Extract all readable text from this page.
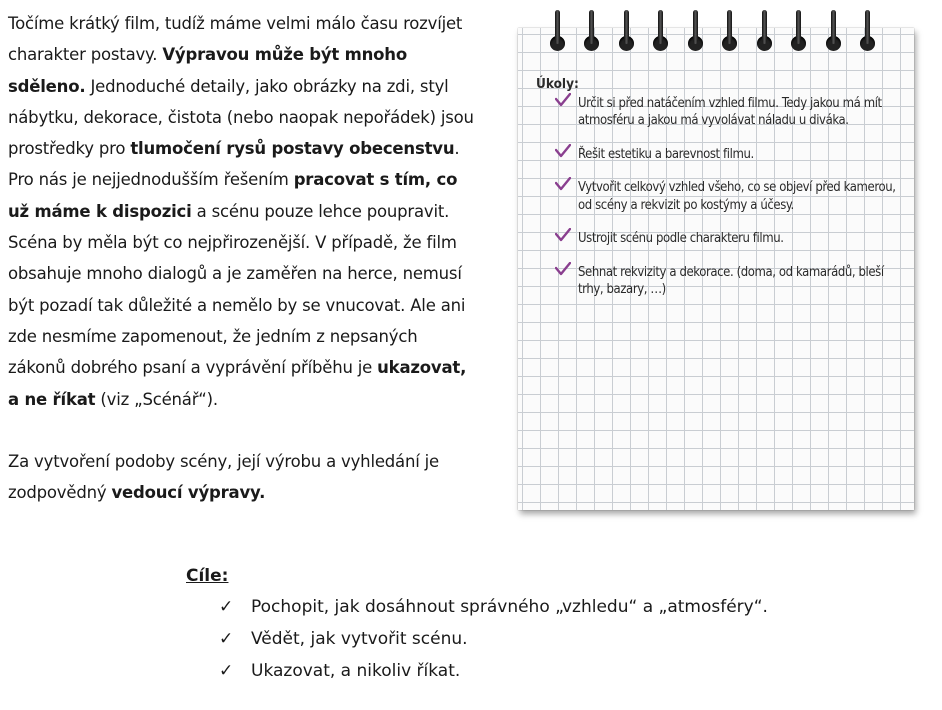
Točíme krátký film, tudíž máme velmi málo času rozvíjet charakter postavy. Výpravou může být mnoho sděleno. Jednoduché detaily, jako obrázky na zdi, styl nábytku, dekorace, čistota (nebo naopak nepořádek) jsou prostředky pro tlumočení rysů postavy obecenstvu. Pro nás je nejjednodušším řešením pracovat s tím, co už máme k dispozici a scénu pouze lehce poupravit. Scéna by měla být co nejpřirozenější. V případě, že film obsahuje mnoho dialogů a je zaměřen na herce, nemusí být pozadí tak důležité a nemělo by se vnucovat. Ale ani zde nesmíme zapomenout, že jedním z nepsaných zákonů dobrého psaní a vyprávění příběhu je ukazovat, a ne říkat (viz „Scénář“).

Za vytvoření podoby scény, její výrobu a vyhledání je zodpovědný vedoucí výpravy.

Úkoly:
Určit si před natáčením vzhled filmu. Tedy jakou má mít atmosféru a jakou má vyvolávat náladu u diváka.
Řešit estetiku a barevnost filmu.
Vytvořit celkový vzhled všeho, co se objeví před kamerou, od scény a rekvizit po kostýmy a účesy.
Ustrojit scénu podle charakteru filmu.
Sehnat rekvizity a dekorace. (doma, od kamarádů, bleší trhy, bazary, …)
Cíle:
✓ Pochopit, jak dosáhnout správného „vzhledu“ a „atmosféry“.
✓ Vědět, jak vytvořit scénu.
✓ Ukazovat, a nikoliv říkat.
